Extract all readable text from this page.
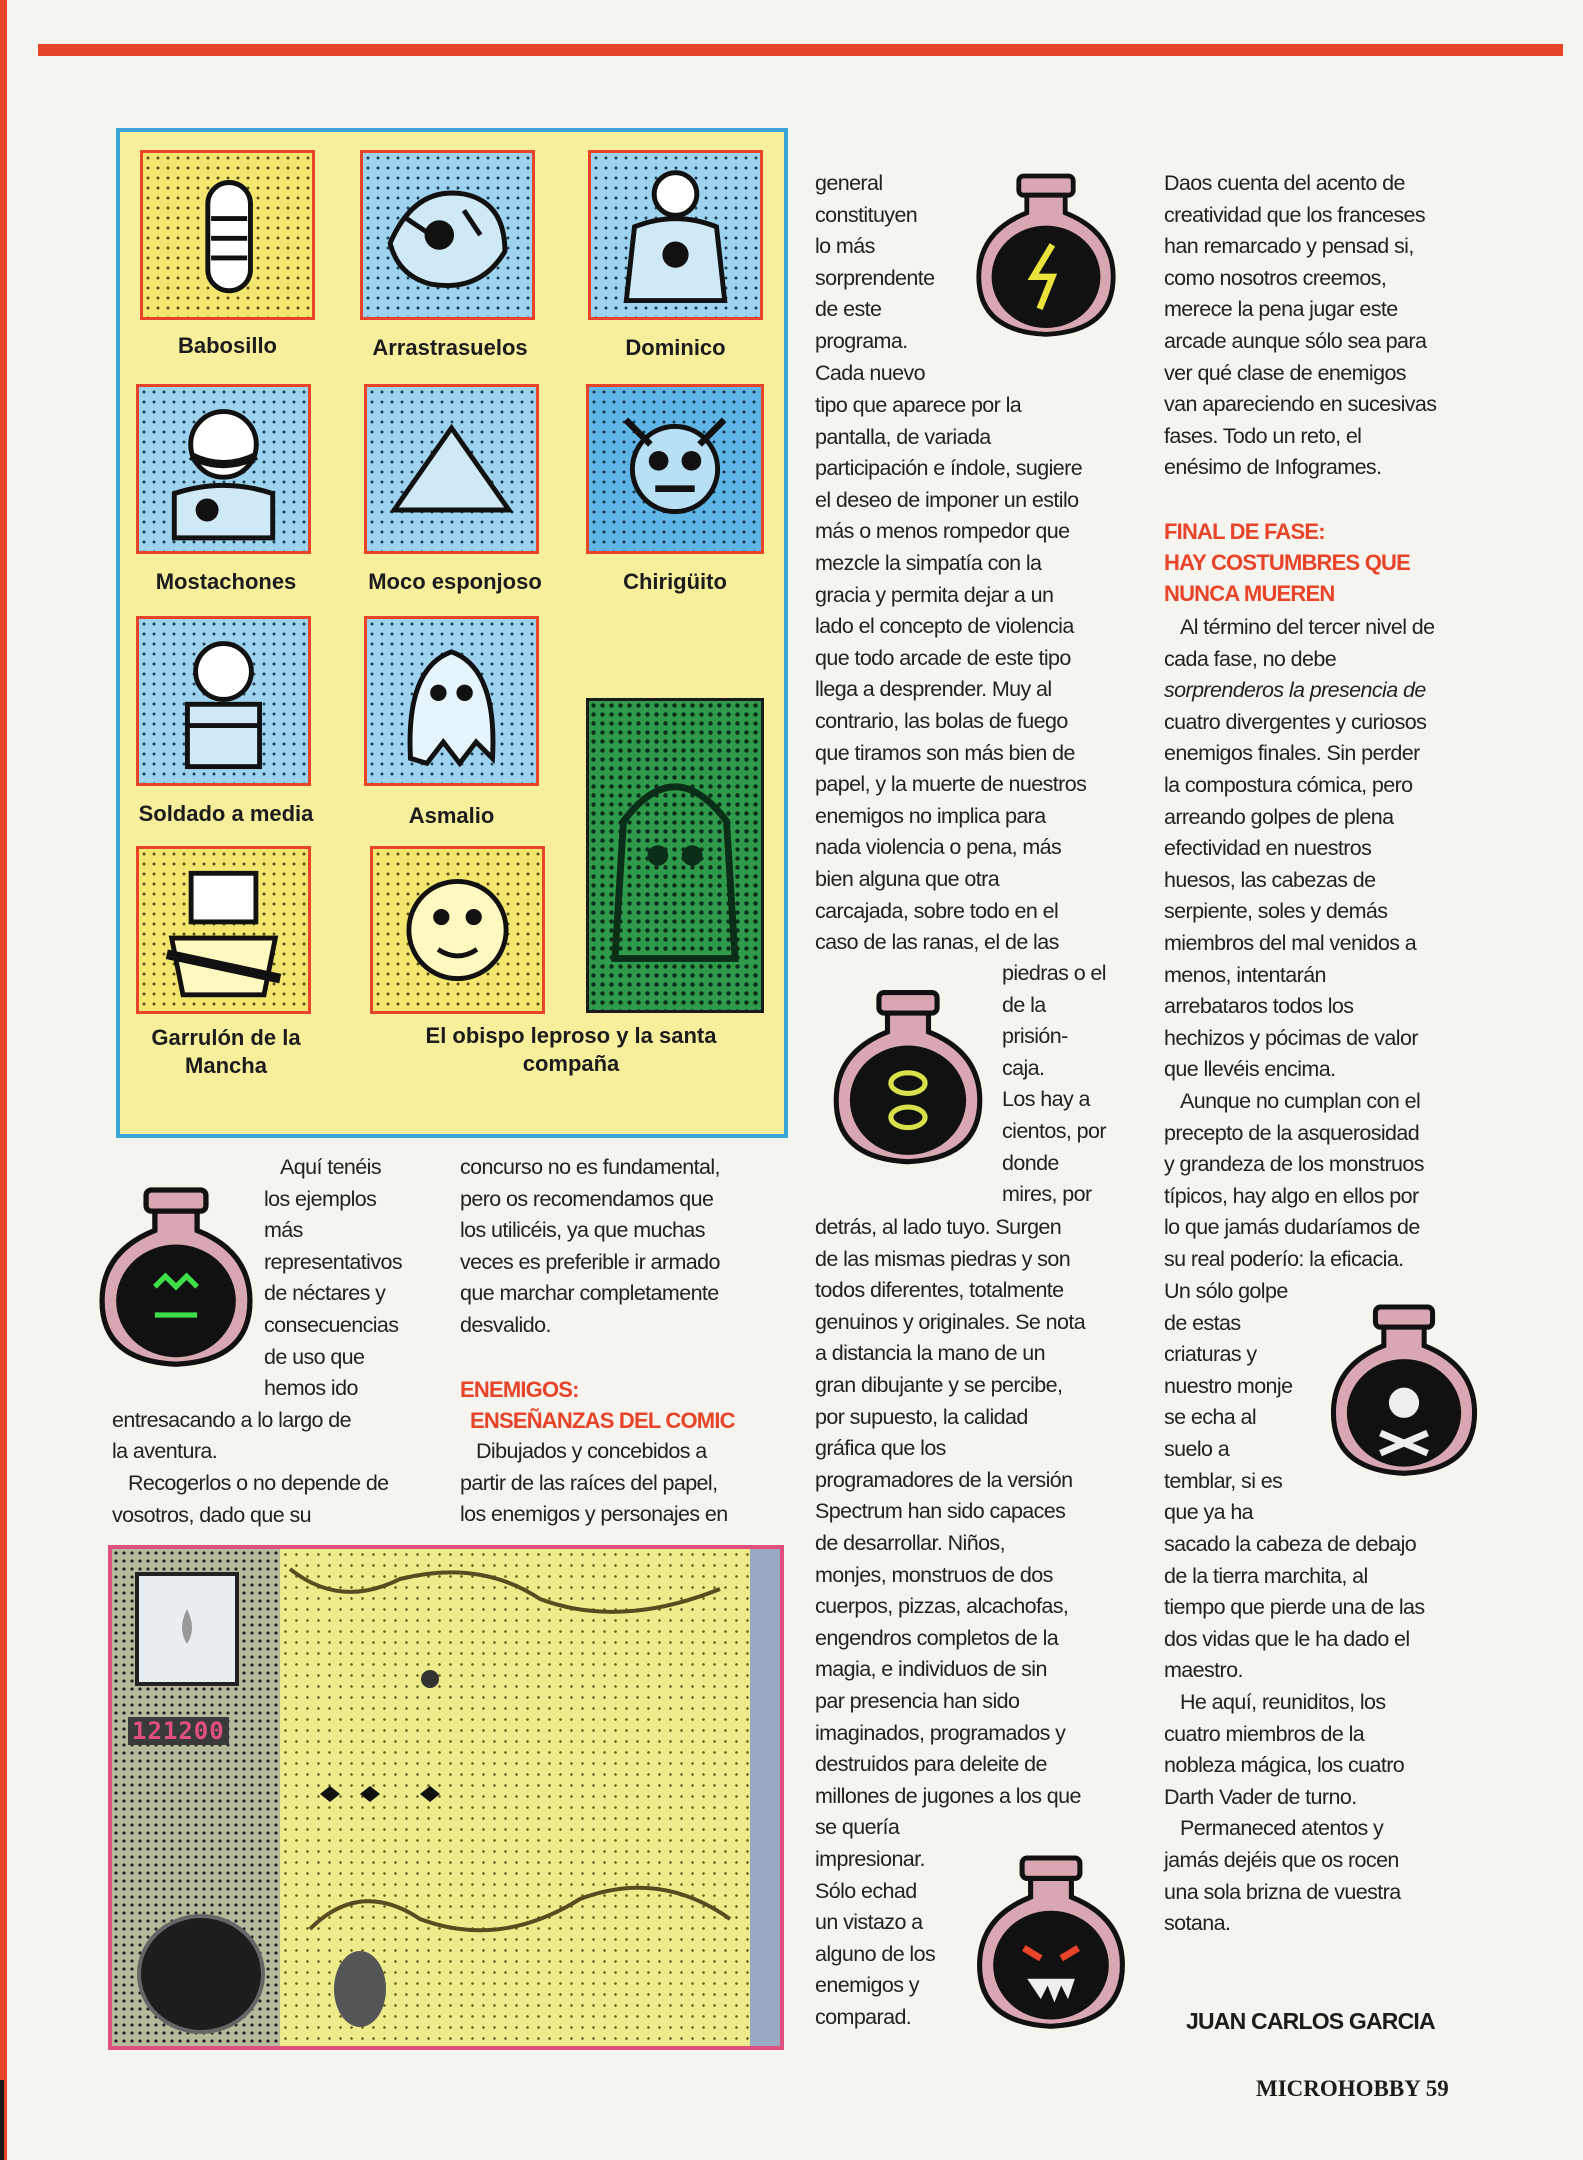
Babosillo	Arrastrasuelos	Dominico
Mostachones	Moco esponjoso	Chirigüito
Soldado a media	Asmalio
Garrulón de la Mancha
El obispo leproso y la santa compaña

Aquí tenéis

los ejemplos

más

representativos

de néctares y

consecuencias

de uso que

hemos ido

entresacando a lo largo de

la aventura.

Recogerlos o no depende de

vosotros, dado que su

concurso no es fundamental,

pero os recomendamos que

los utilicéis, ya que muchas

veces es preferible ir armado

que marchar completamente

desvalido.

ENEMIGOS:
ENSEÑANZAS DEL COMIC

Dibujados y concebidos a

partir de las raíces del papel,

los enemigos y personajes en

121200

general

constituyen

lo más

sorprendente

de este

programa.

Cada nuevo

tipo que aparece por la

pantalla, de variada

participación e índole, sugiere

el deseo de imponer un estilo

más o menos rompedor que

mezcle la simpatía con la

gracia y permita dejar a un

lado el concepto de violencia

que todo arcade de este tipo

llega a desprender. Muy al

contrario, las bolas de fuego

que tiramos son más bien de

papel, y la muerte de nuestros

enemigos no implica para

nada violencia o pena, más

bien alguna que otra

carcajada, sobre todo en el

caso de las ranas, el de las

piedras o el

de la

prisión-

caja.

Los hay a

cientos, por

donde

mires, por

detrás, al lado tuyo. Surgen

de las mismas piedras y son

todos diferentes, totalmente

genuinos y originales. Se nota

a distancia la mano de un

gran dibujante y se percibe,

por supuesto, la calidad

gráfica que los

programadores de la versión

Spectrum han sido capaces

de desarrollar. Niños,

monjes, monstruos de dos

cuerpos, pizzas, alcachofas,

engendros completos de la

magia, e individuos de sin

par presencia han sido

imaginados, programados y

destruidos para deleite de

millones de jugones a los que

se quería

impresionar.

Sólo echad

un vistazo a

alguno de los

enemigos y

comparad.

Daos cuenta del acento de

creatividad que los franceses

han remarcado y pensad si,

como nosotros creemos,

merece la pena jugar este

arcade aunque sólo sea para

ver qué clase de enemigos

van apareciendo en sucesivas

fases. Todo un reto, el

enésimo de Infogrames.

FINAL DE FASE:
HAY COSTUMBRES QUE
NUNCA MUEREN

Al término del tercer nivel de

cada fase, no debe

sorprenderos la presencia de

cuatro divergentes y curiosos

enemigos finales. Sin perder

la compostura cómica, pero

arreando golpes de plena

efectividad en nuestros

huesos, las cabezas de

serpiente, soles y demás

miembros del mal venidos a

menos, intentarán

arrebataros todos los

hechizos y pócimas de valor

que llevéis encima.

Aunque no cumplan con el

precepto de la asquerosidad

y grandeza de los monstruos

típicos, hay algo en ellos por

lo que jamás dudaríamos de

su real poderío: la eficacia.

Un sólo golpe

de estas

criaturas y

nuestro monje

se echa al

suelo a

temblar, si es

que ya ha

sacado la cabeza de debajo

de la tierra marchita, al

tiempo que pierde una de las

dos vidas que le ha dado el

maestro.

He aquí, reuniditos, los

cuatro miembros de la

nobleza mágica, los cuatro

Darth Vader de turno.

Permaneced atentos y

jamás dejéis que os rocen

una sola brizna de vuestra

sotana.

JUAN CARLOS GARCIA
MICROHOBBY 59
